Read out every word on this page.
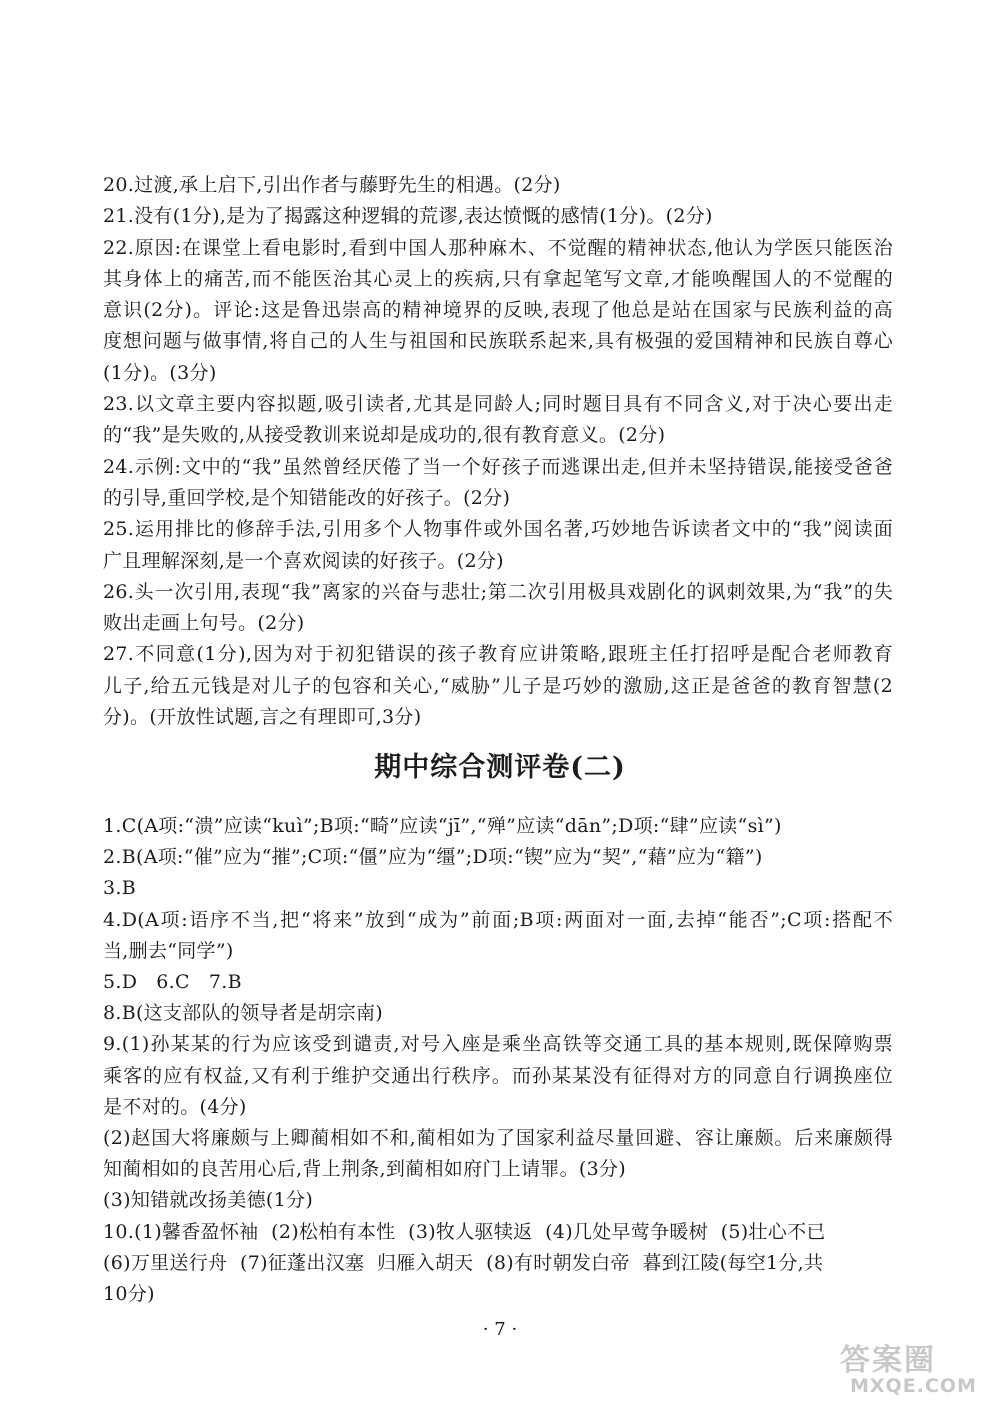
20.过渡,承上启下,引出作者与藤野先生的相遇。(2分)
21.没有(1分),是为了揭露这种逻辑的荒谬,表达愤慨的感情(1分)。(2分)
22.原因:在课堂上看电影时,看到中国人那种麻木、不觉醒的精神状态,他认为学医只能医治
其身体上的痛苦,而不能医治其心灵上的疾病,只有拿起笔写文章,才能唤醒国人的不觉醒的
意识(2分)。评论:这是鲁迅崇高的精神境界的反映,表现了他总是站在国家与民族利益的高
度想问题与做事情,将自己的人生与祖国和民族联系起来,具有极强的爱国精神和民族自尊心
(1分)。(3分)
23.以文章主要内容拟题,吸引读者,尤其是同龄人;同时题目具有不同含义,对于决心要出走
的“我”是失败的,从接受教训来说却是成功的,很有教育意义。(2分)
24.示例:文中的“我”虽然曾经厌倦了当一个好孩子而逃课出走,但并未坚持错误,能接受爸爸
的引导,重回学校,是个知错能改的好孩子。(2分)
25.运用排比的修辞手法,引用多个人物事件或外国名著,巧妙地告诉读者文中的“我”阅读面
广且理解深刻,是一个喜欢阅读的好孩子。(2分)
26.头一次引用,表现“我”离家的兴奋与悲壮;第二次引用极具戏剧化的讽刺效果,为“我”的失
败出走画上句号。(2分)
27.不同意(1分),因为对于初犯错误的孩子教育应讲策略,跟班主任打招呼是配合老师教育
儿子,给五元钱是对儿子的包容和关心,“威胁”儿子是巧妙的激励,这正是爸爸的教育智慧(2
分)。(开放性试题,言之有理即可,3分)
期中综合测评卷(二)
1.C(A项:“溃”应读“kuì”;B项:“畸”应读“jī”,“殚”应读“dān”;D项:“肆”应读“sì”)
2.B(A项:“催”应为“摧”;C项:“僵”应为“缰”;D项:“锲”应为“契”,“藉”应为“籍”)
3.B
4.D(A项:语序不当,把“将来”放到“成为”前面;B项:两面对一面,去掉“能否”;C项:搭配不
当,删去“同学”)
5.D   6.C   7.B
8.B(这支部队的领导者是胡宗南)
9.(1)孙某某的行为应该受到谴责,对号入座是乘坐高铁等交通工具的基本规则,既保障购票
乘客的应有权益,又有利于维护交通出行秩序。而孙某某没有征得对方的同意自行调换座位
是不对的。(4分)
(2)赵国大将廉颇与上卿蔺相如不和,蔺相如为了国家利益尽量回避、容让廉颇。后来廉颇得
知蔺相如的良苦用心后,背上荆条,到蔺相如府门上请罪。(3分)
(3)知错就改扬美德(1分)
10.(1)馨香盈怀袖  (2)松柏有本性  (3)牧人驱犊返  (4)几处早莺争暖树  (5)壮心不已
(6)万里送行舟  (7)征蓬出汉塞  归雁入胡天  (8)有时朝发白帝  暮到江陵(每空1分,共
10分)
· 7 ·
答案圈
MXQE.COM
